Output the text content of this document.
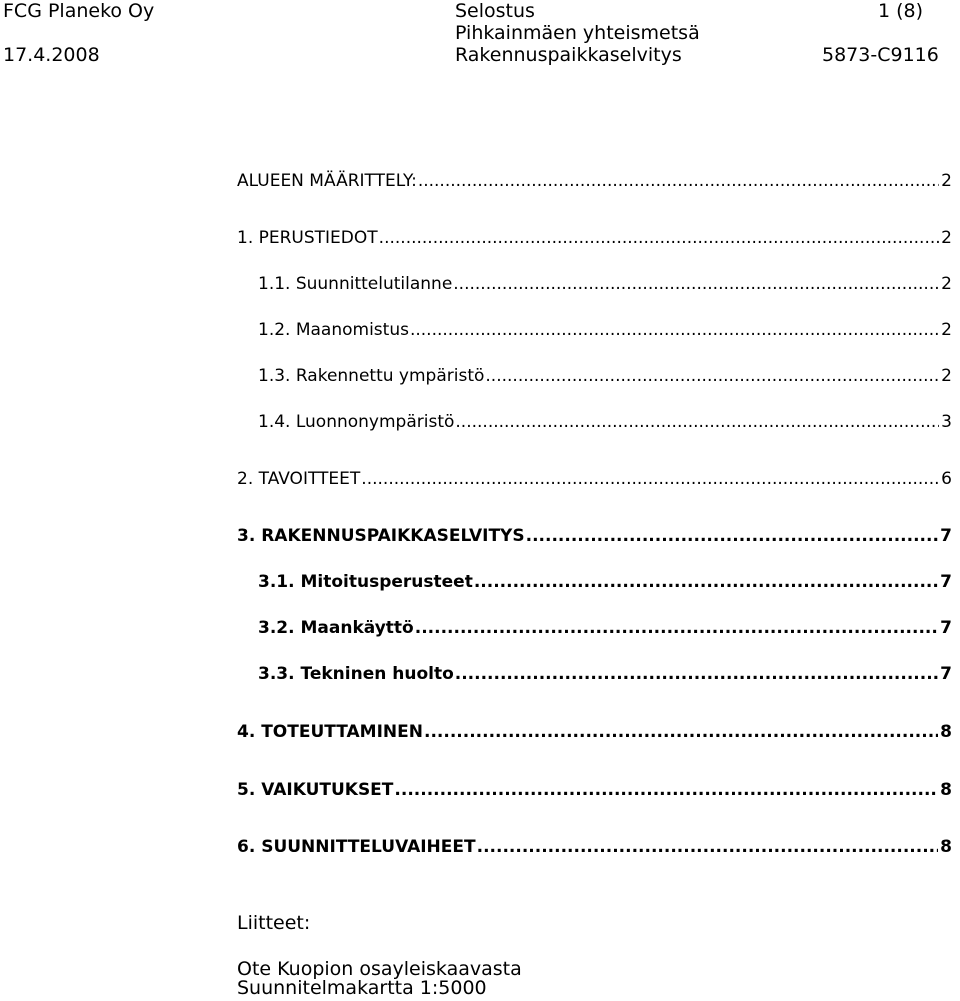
FCG Planeko Oy
17.4.2008
Selostus
Pihkainmäen yhteismetsä
Rakennuspaikkaselvitys
1 (8)
5873-C9116
ALUEEN MÄÄRITTELY: .....	2
1. PERUSTIEDOT .....	2
1.1. Suunnittelutilanne .....	2
1.2. Maanomistus .....	2
1.3. Rakennettu ympäristö .....	2
1.4. Luonnonympäristö .....	3
2. TAVOITTEET .....	6
3. RAKENNUSPAIKKASELVITYS .....	7
3.1. Mitoitusperusteet .....	7
3.2. Maankäyttö .....	7
3.3. Tekninen huolto .....	7
4. TOTEUTTAMINEN .....	8
5. VAIKUTUKSET .....	8
6. SUUNNITTELUVAIHEET .....	8
Liitteet:
Ote Kuopion osayleiskaavasta
Suunnitelmakartta 1:5000
